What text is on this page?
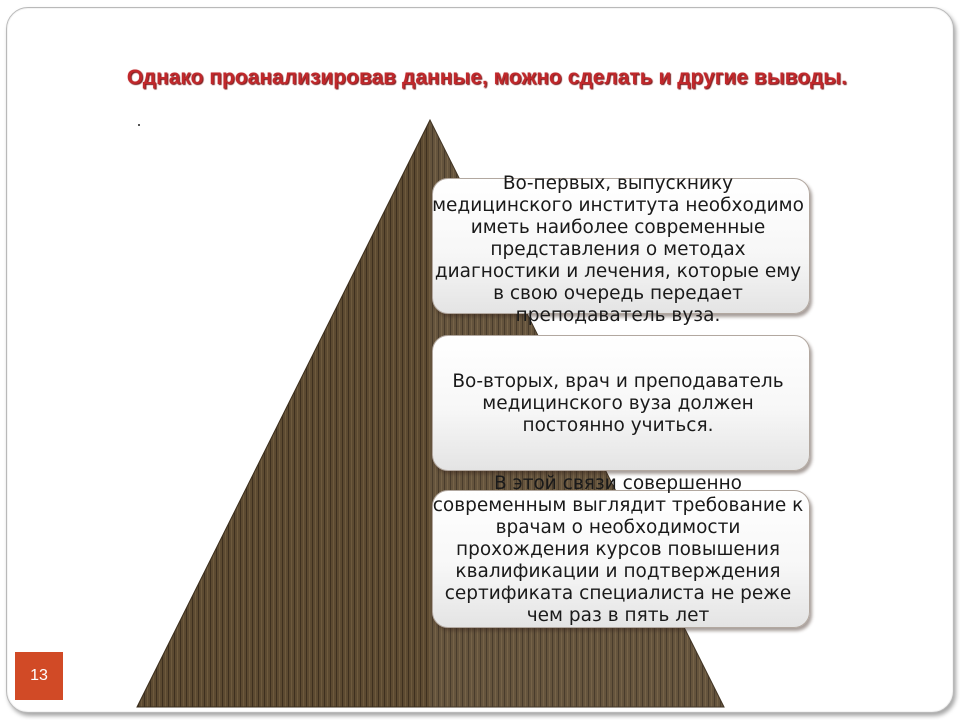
Однако проанализировав данные, можно сделать и другие выводы.

Во-первых, выпускнику медицинского института необходимо иметь наиболее современные представления о методах диагностики и лечения, которые ему в свою очередь передает преподаватель вуза.

Во-вторых, врач и преподаватель медицинского вуза должен постоянно учиться.

В этой связи совершенно современным выглядит требование к врачам о необходимости прохождения курсов повышения квалификации и подтверждения сертификата специалиста не реже чем раз в пять лет

13
